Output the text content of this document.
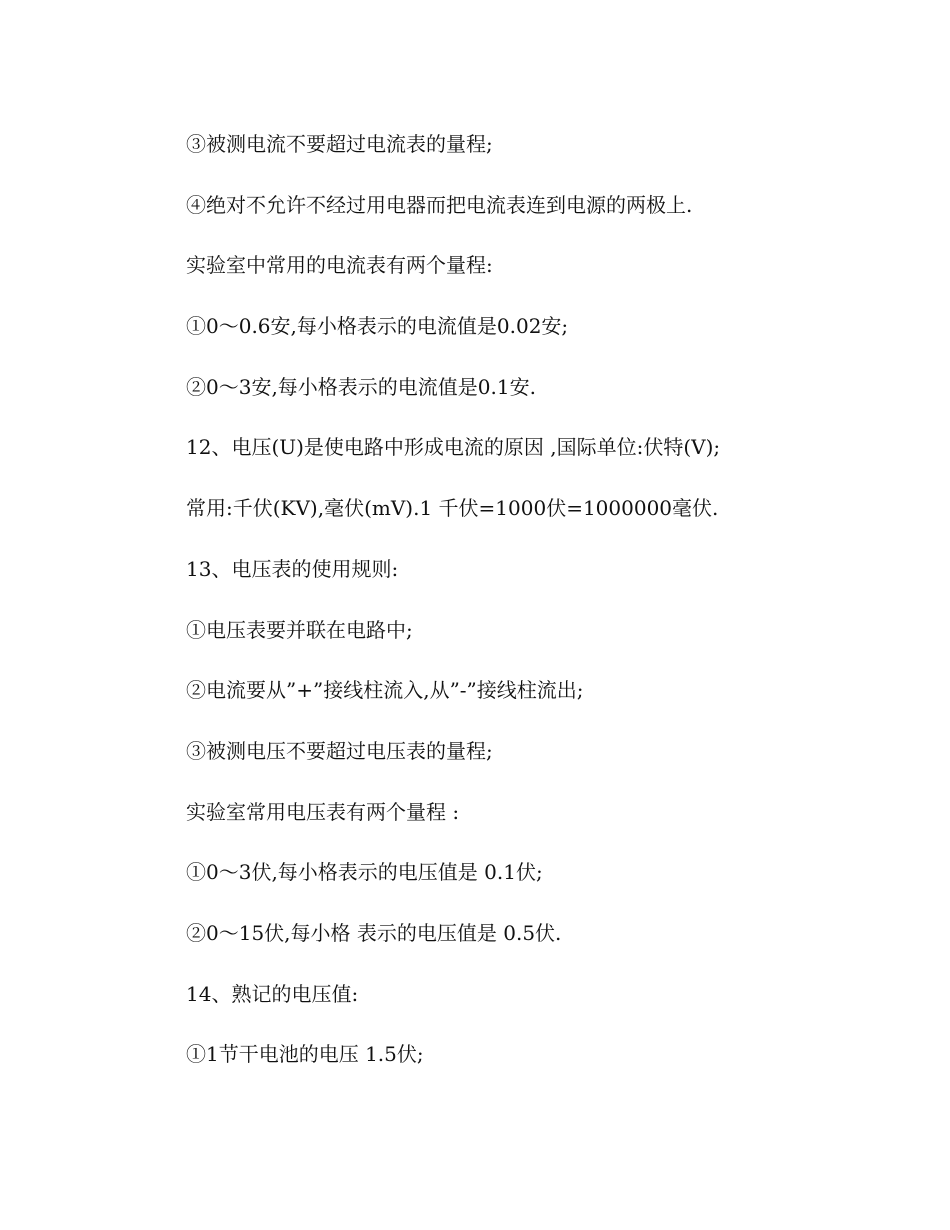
③被测电流不要超过电流表的量程;
④绝对不允许不经过用电器而把电流表连到电源的两极上.
实验室中常用的电流表有两个量程:
①0～0.6安,每小格表示的电流值是0.02安;
②0～3安,每小格表示的电流值是0.1安.
12、电压(U)是使电路中形成电流的原因 ,国际单位:伏特(V);
常用:千伏(KV),毫伏(mV).1 千伏=1000伏=1000000毫伏.
13、电压表的使用规则:
①电压表要并联在电路中;
②电流要从”+”接线柱流入,从”-”接线柱流出;
③被测电压不要超过电压表的量程;
实验室常用电压表有两个量程 :
①0～3伏,每小格表示的电压值是 0.1伏;
②0～15伏,每小格 表示的电压值是 0.5伏.
14、熟记的电压值:
①1节干电池的电压 1.5伏;
